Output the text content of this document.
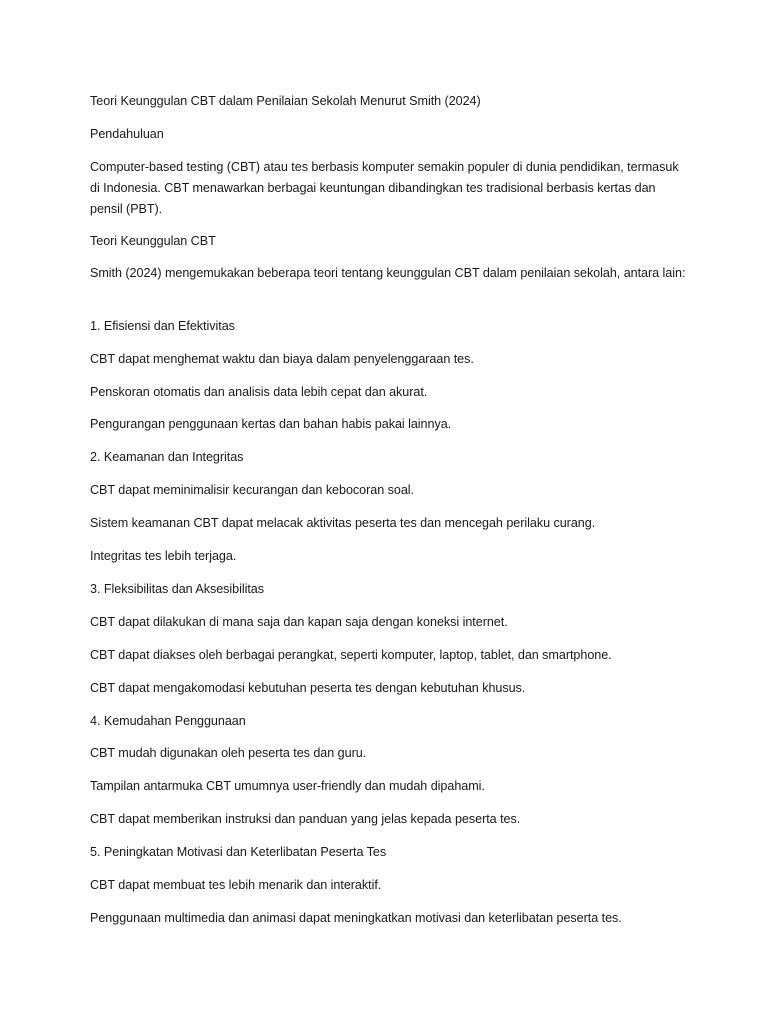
Teori Keunggulan CBT dalam Penilaian Sekolah Menurut Smith (2024)

Pendahuluan

Computer-based testing (CBT) atau tes berbasis komputer semakin populer di dunia pendidikan, termasuk di Indonesia. CBT menawarkan berbagai keuntungan dibandingkan tes tradisional berbasis kertas dan pensil (PBT).

Teori Keunggulan CBT

Smith (2024) mengemukakan beberapa teori tentang keunggulan CBT dalam penilaian sekolah, antara lain:

1. Efisiensi dan Efektivitas

CBT dapat menghemat waktu dan biaya dalam penyelenggaraan tes.

Penskoran otomatis dan analisis data lebih cepat dan akurat.

Pengurangan penggunaan kertas dan bahan habis pakai lainnya.

2. Keamanan dan Integritas

CBT dapat meminimalisir kecurangan dan kebocoran soal.

Sistem keamanan CBT dapat melacak aktivitas peserta tes dan mencegah perilaku curang.

Integritas tes lebih terjaga.

3. Fleksibilitas dan Aksesibilitas

CBT dapat dilakukan di mana saja dan kapan saja dengan koneksi internet.

CBT dapat diakses oleh berbagai perangkat, seperti komputer, laptop, tablet, dan smartphone.

CBT dapat mengakomodasi kebutuhan peserta tes dengan kebutuhan khusus.

4. Kemudahan Penggunaan

CBT mudah digunakan oleh peserta tes dan guru.

Tampilan antarmuka CBT umumnya user-friendly dan mudah dipahami.

CBT dapat memberikan instruksi dan panduan yang jelas kepada peserta tes.

5. Peningkatan Motivasi dan Keterlibatan Peserta Tes

CBT dapat membuat tes lebih menarik dan interaktif.

Penggunaan multimedia dan animasi dapat meningkatkan motivasi dan keterlibatan peserta tes.
